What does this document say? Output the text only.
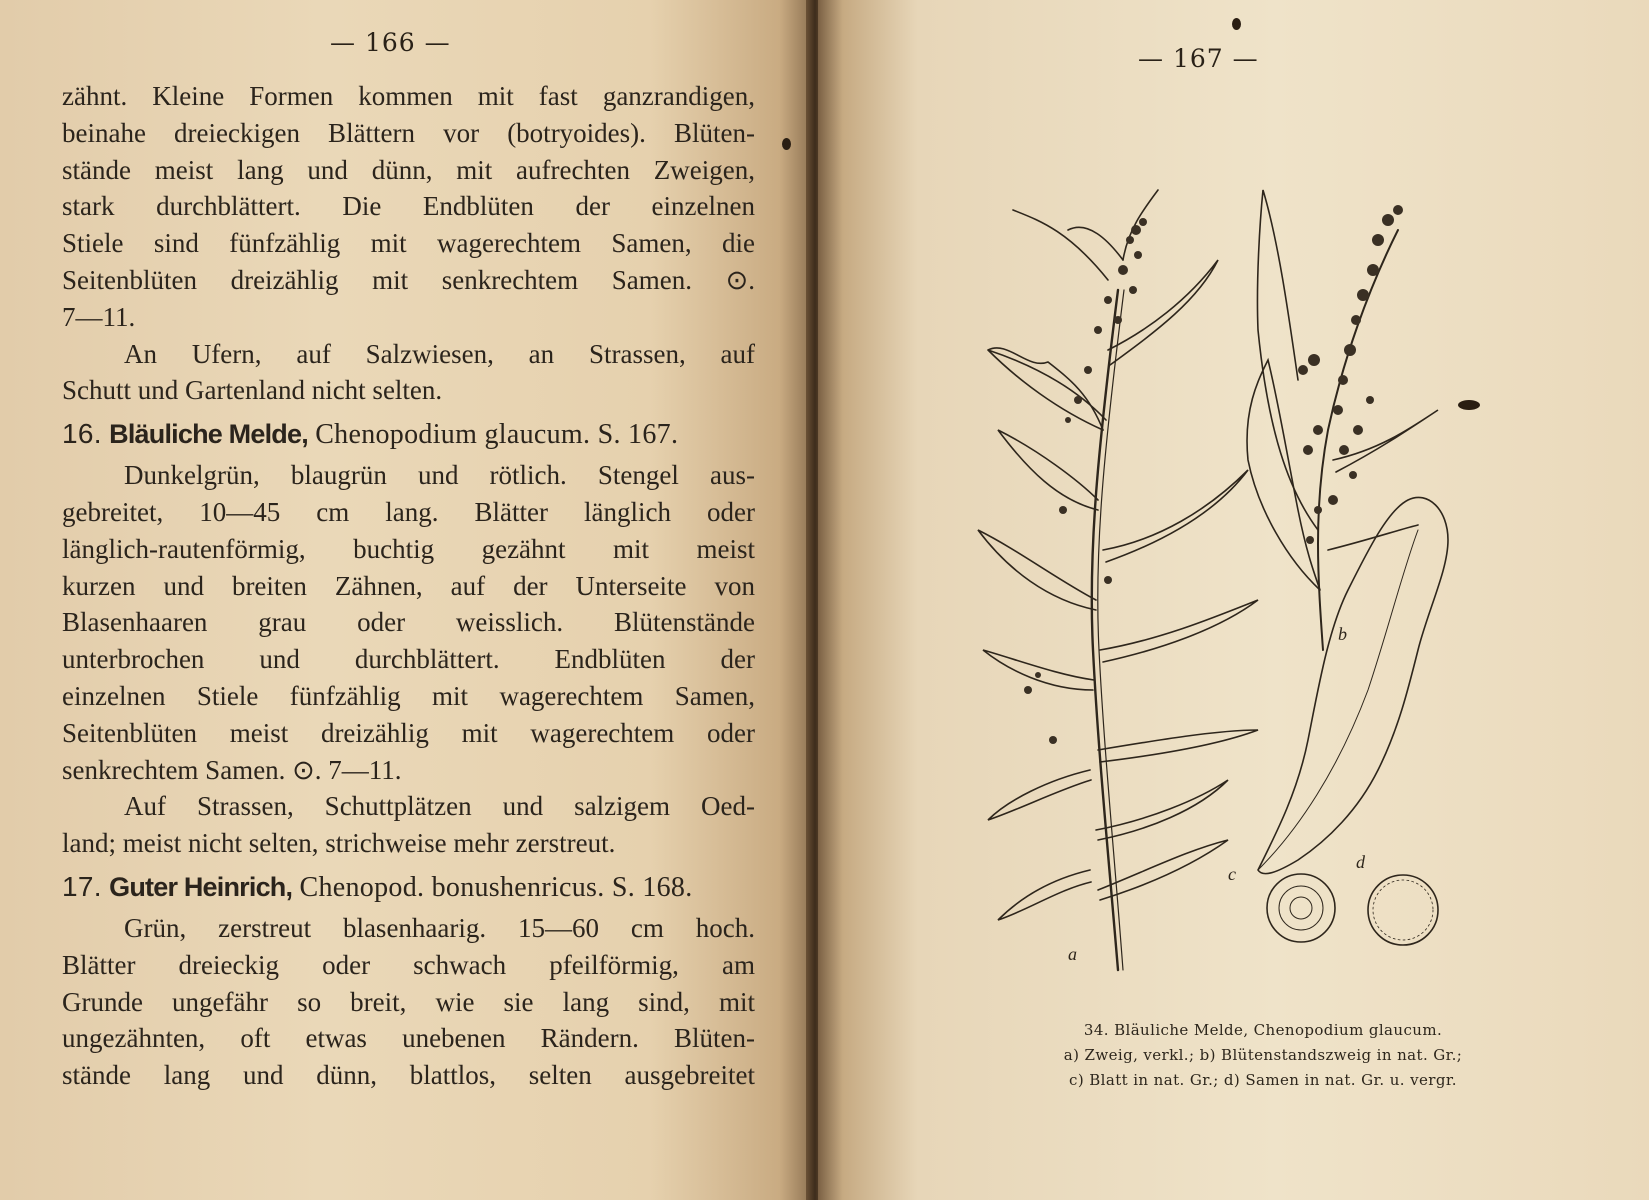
— 166 —

zähnt. Kleine Formen kommen mit fast ganzrandigen,
beinahe dreieckigen Blättern vor (botryoides). Blüten-
stände meist lang und dünn, mit aufrechten Zweigen,
stark durchblättert. Die Endblüten der einzelnen
Stiele sind fünfzählig mit wagerechtem Samen, die
Seitenblüten dreizählig mit senkrechtem Samen. ⊙.
7—11.

An Ufern, auf Salzwiesen, an Strassen, auf
Schutt und Gartenland nicht selten.

16. Bläuliche Melde, Chenopodium glaucum. S. 167.

Dunkelgrün, blaugrün und rötlich. Stengel aus-
gebreitet, 10—45 cm lang. Blätter länglich oder
länglich-rautenförmig, buchtig gezähnt mit meist
kurzen und breiten Zähnen, auf der Unterseite von
Blasenhaaren grau oder weisslich. Blütenstände
unterbrochen und durchblättert. Endblüten der
einzelnen Stiele fünfzählig mit wagerechtem Samen,
Seitenblüten meist dreizählig mit wagerechtem oder
senkrechtem Samen. ⊙. 7—11.

Auf Strassen, Schuttplätzen und salzigem Oed-
land; meist nicht selten, strichweise mehr zerstreut.

17. Guter Heinrich, Chenopod. bonushenricus. S. 168.

Grün, zerstreut blasenhaarig. 15—60 cm hoch.
Blätter dreieckig oder schwach pfeilförmig, am
Grunde ungefähr so breit, wie sie lang sind, mit
ungezähnten, oft etwas unebenen Rändern. Blüten-
stände lang und dünn, blattlos, selten ausgebreitet

— 167 —
a
b
c
d
34. Bläuliche Melde, Chenopodium glaucum.
a) Zweig, verkl.; b) Blütenstandszweig in nat. Gr.;
c) Blatt in nat. Gr.; d) Samen in nat. Gr. u. vergr.
